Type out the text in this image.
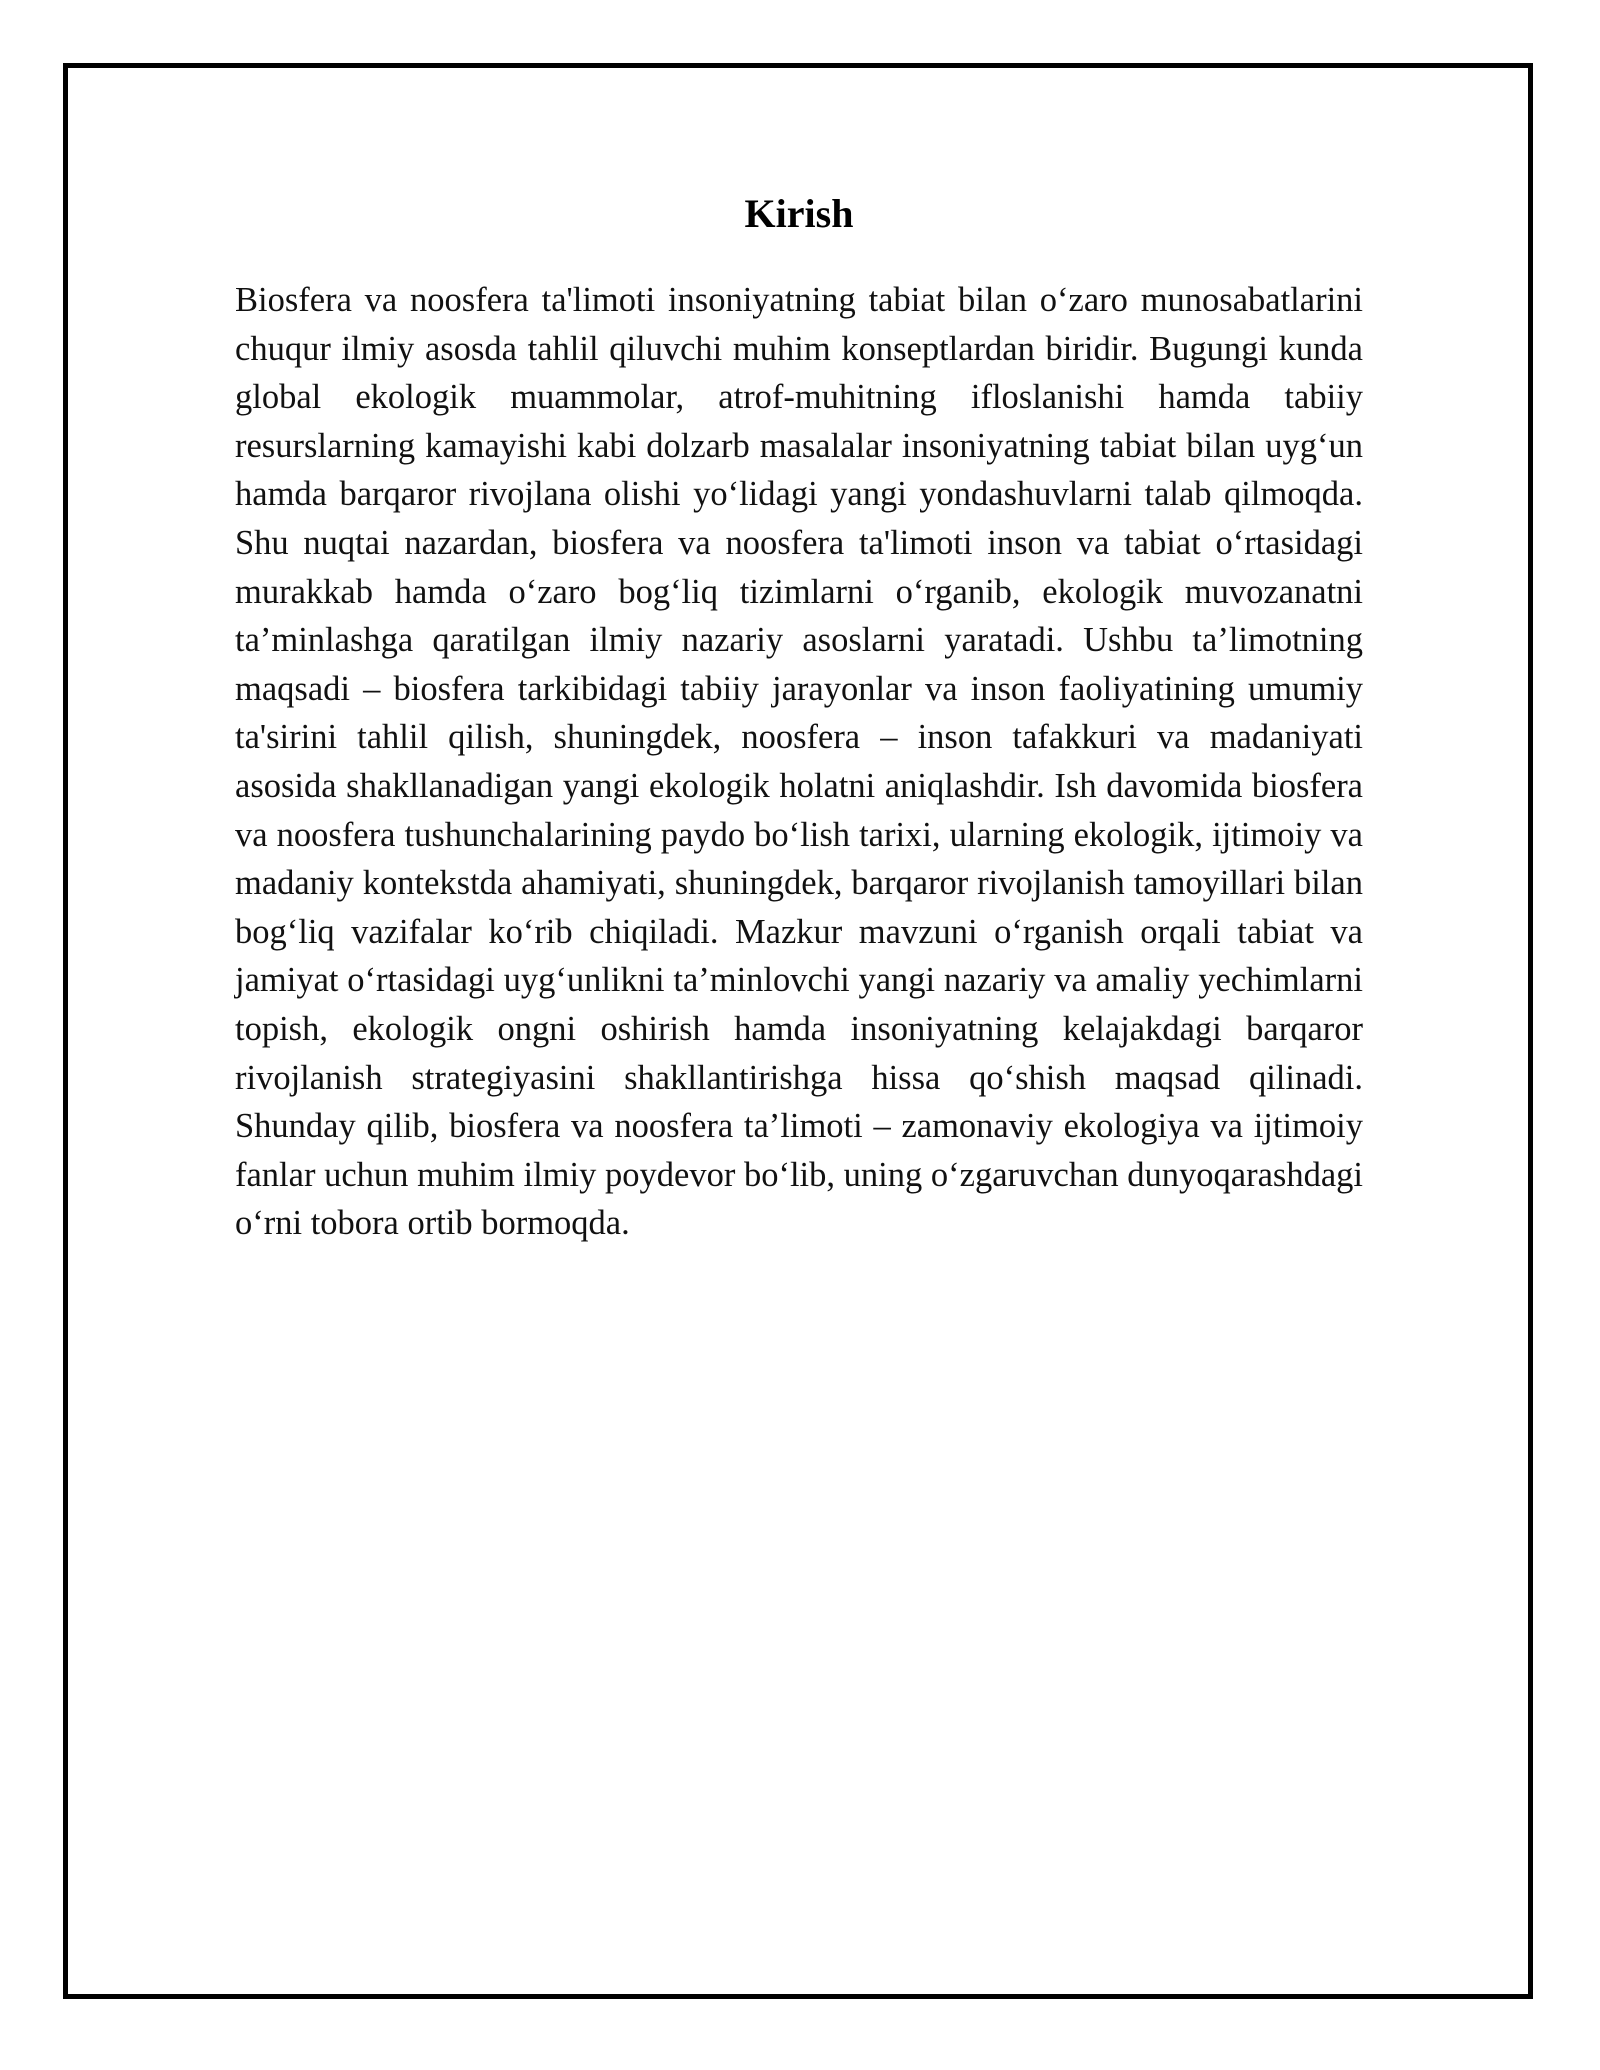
Kirish

Biosfera va noosfera ta'limoti insoniyatning tabiat bilan o‘zaro munosabatlarini chuqur ilmiy asosda tahlil qiluvchi muhim konseptlardan biridir. Bugungi kunda global ekologik muammolar, atrof-muhitning ifloslanishi hamda tabiiy resurslarning kamayishi kabi dolzarb masalalar insoniyatning tabiat bilan uyg‘un hamda barqaror rivojlana olishi yo‘lidagi yangi yondashuvlarni talab qilmoqda. Shu nuqtai nazardan, biosfera va noosfera ta'limoti inson va tabiat o‘rtasidagi murakkab hamda o‘zaro bog‘liq tizimlarni o‘rganib, ekologik muvozanatni ta’minlashga qaratilgan ilmiy nazariy asoslarni yaratadi. Ushbu ta’limotning maqsadi – biosfera tarkibidagi tabiiy jarayonlar va inson faoliyatining umumiy ta'sirini tahlil qilish, shuningdek, noosfera – inson tafakkuri va madaniyati asosida shakllanadigan yangi ekologik holatni aniqlashdir. Ish davomida biosfera va noosfera tushunchalarining paydo bo‘lish tarixi, ularning ekologik, ijtimoiy va madaniy kontekstda ahamiyati, shuningdek, barqaror rivojlanish tamoyillari bilan bog‘liq vazifalar ko‘rib chiqiladi. Mazkur mavzuni o‘rganish orqali tabiat va jamiyat o‘rtasidagi uyg‘unlikni ta’minlovchi yangi nazariy va amaliy yechimlarni topish, ekologik ongni oshirish hamda insoniyatning kelajakdagi barqaror rivojlanish strategiyasini shakllantirishga hissa qo‘shish maqsad qilinadi. Shunday qilib, biosfera va noosfera ta’limoti – zamonaviy ekologiya va ijtimoiy fanlar uchun muhim ilmiy poydevor bo‘lib, uning o‘zgaruvchan dunyoqarashdagi o‘rni tobora ortib bormoqda.
